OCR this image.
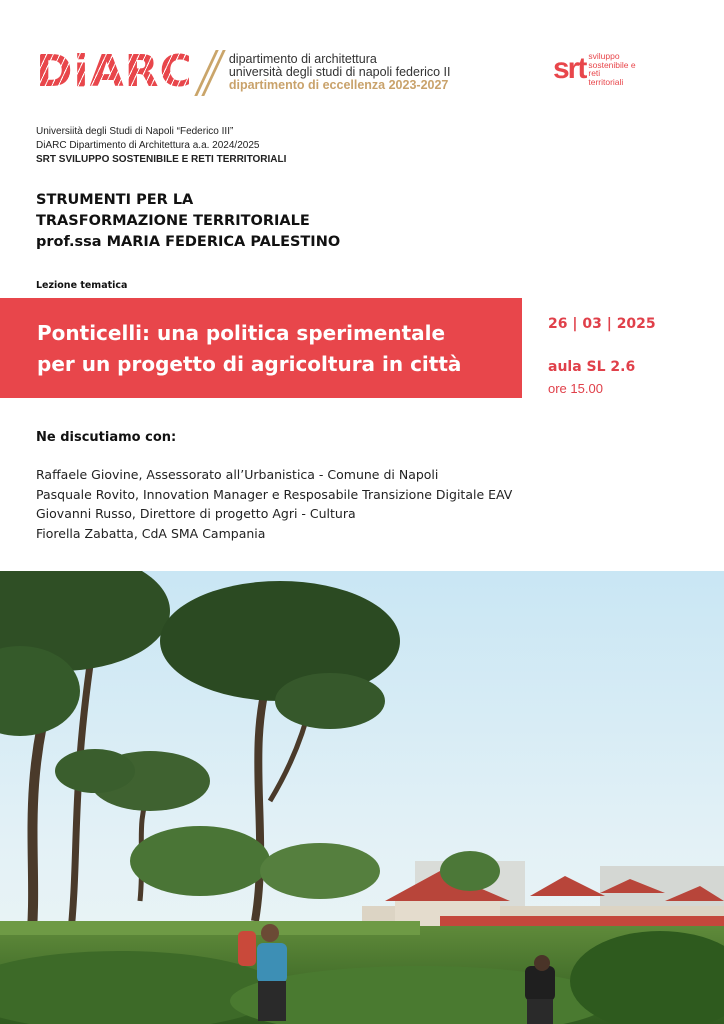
DiARC	dipartimento di architettura
università degli studi di napoli federico II
dipartimento di eccellenza 2023-2027	srt sviluppo
sostenibile e
reti
territoriali
Universiità degli Studi di Napoli “Federico III”
DiARC Dipartimento di Architettura a.a. 2024/2025
SRT SVILUPPO SOSTENIBILE E RETI TERRITORIALI
STRUMENTI PER LA
TRASFORMAZIONE TERRITORIALE
prof.ssa MARIA FEDERICA PALESTINO
Lezione tematica
Ponticelli: una politica sperimentale
per un progetto di agricoltura in città
26 | 03 | 2025
aula SL 2.6
ore 15.00
Ne discutiamo con:
Raffaele Giovine, Assessorato all’Urbanistica - Comune di Napoli
Pasquale Rovito, Innovation Manager e Resposabile Transizione Digitale EAV
Giovanni Russo, Direttore di progetto Agri - Cultura
Fiorella Zabatta, CdA SMA Campania
